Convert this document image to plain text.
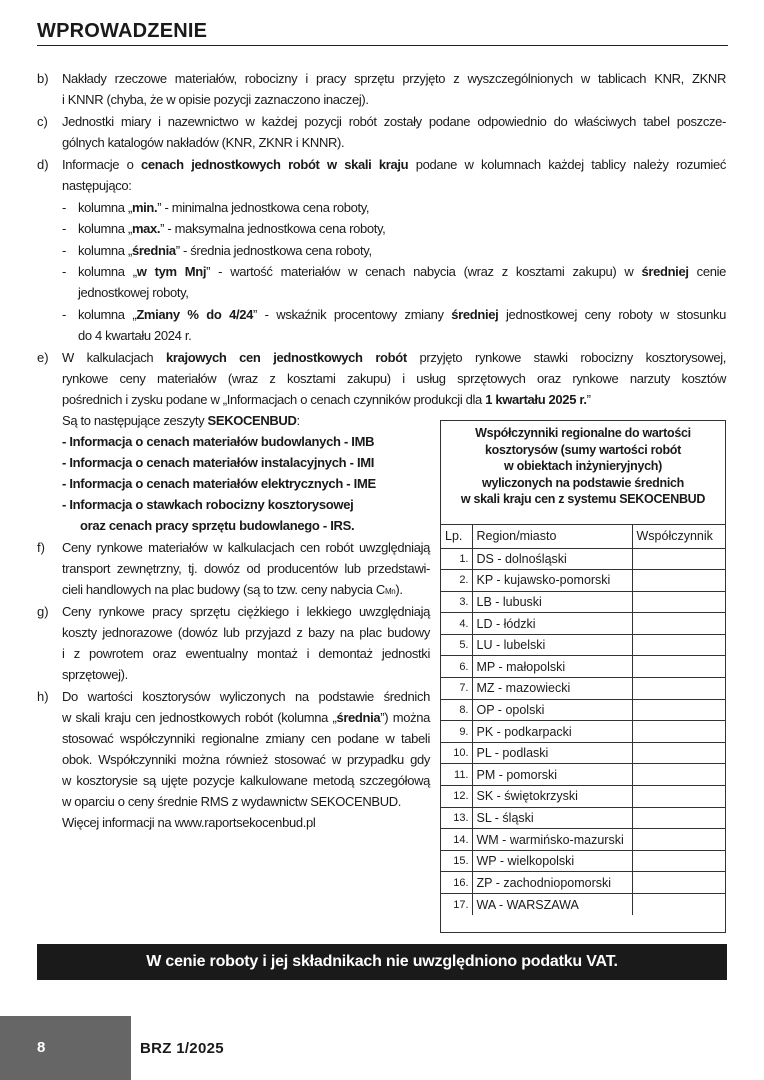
WPROWADZENIE
b) Nakłady rzeczowe materiałów, robocizny i pracy sprzętu przyjęto z wyszczególnionych w tablicach KNR, ZKNR

i KNNR (chyba, że w opisie pozycji zaznaczono inaczej).

c) Jednostki miary i nazewnictwo w każdej pozycji robót zostały podane odpowiednio do właściwych tabel poszcze-

gólnych katalogów nakładów (KNR, ZKNR i KNNR).

d) Informacje o cenach jednostkowych robót w skali kraju podane w kolumnach każdej tablicy należy rozumieć

następująco:

- kolumna „min.” - minimalna jednostkowa cena roboty,

- kolumna „max.” - maksymalna jednostkowa cena roboty,

- kolumna „średnia” - średnia jednostkowa cena roboty,

- kolumna „w tym Mnj” - wartość materiałów w cenach nabycia (wraz z kosztami zakupu) w średniej cenie

jednostkowej roboty,

- kolumna „Zmiany % do 4/24” - wskaźnik procentowy zmiany średniej jednostkowej ceny roboty w stosunku

do 4 kwartału 2024 r.

e) W kalkulacjach krajowych cen jednostkowych robót przyjęto rynkowe stawki robocizny kosztorysowej,

rynkowe ceny materiałów (wraz z kosztami zakupu) i usług sprzętowych oraz rynkowe narzuty kosztów

pośrednich i zysku podane w „Informacjach o cenach czynników produkcji dla 1 kwartału 2025 r.”

Są to następujące zeszyty SEKOCENBUD:

- Informacja o cenach materiałów budowlanych - IMB

- Informacja o cenach materiałów instalacyjnych - IMI

- Informacja o cenach materiałów elektrycznych - IME

- Informacja o stawkach robocizny kosztorysowej

oraz cenach pracy sprzętu budowlanego - IRS.

f) Ceny rynkowe materiałów w kalkulacjach cen robót uwzględniają

transport zewnętrzny, tj. dowóz od producentów lub przedstawi-

cieli handlowych na plac budowy (są to tzw. ceny nabycia CMn).

g) Ceny rynkowe pracy sprzętu ciężkiego i lekkiego uwzględniają

koszty jednorazowe (dowóz lub przyjazd z bazy na plac budowy

i z powrotem oraz ewentualny montaż i demontaż jednostki

sprzętowej).

h) Do wartości kosztorysów wyliczonych na podstawie średnich

w skali kraju cen jednostkowych robót (kolumna „średnia”) można

stosować współczynniki regionalne zmiany cen podane w tabeli

obok. Współczynniki można również stosować w przypadku gdy

w kosztorysie są ujęte pozycje kalkulowane metodą szczegółową

w oparciu o ceny średnie RMS z wydawnictw SEKOCENBUD.

Więcej informacji na www.raportsekocenbud.pl

Współczynniki regionalne do wartości
kosztorysów (sumy wartości robót
w obiektach inżynieryjnych)
wyliczonych na podstawie średnich
w skali kraju cen z systemu SEKOCENBUD
Lp.	Region/miasto	Współczynnik
1.	DS - dolnośląski	
2.	KP - kujawsko-pomorski	
3.	LB - lubuski	
4.	LD - łódzki	
5.	LU - lubelski	
6.	MP - małopolski	
7.	MZ - mazowiecki	
8.	OP - opolski	
9.	PK - podkarpacki	
10.	PL - podlaski	
11.	PM - pomorski	
12.	SK - świętokrzyski	
13.	SL - śląski	
14.	WM - warmińsko-mazurski	
15.	WP - wielkopolski	
16.	ZP - zachodniopomorski	
17.	WA - WARSZAWA	
W cenie roboty i jej składnikach nie uwzględniono podatku VAT.
8	BRZ 1/2025
